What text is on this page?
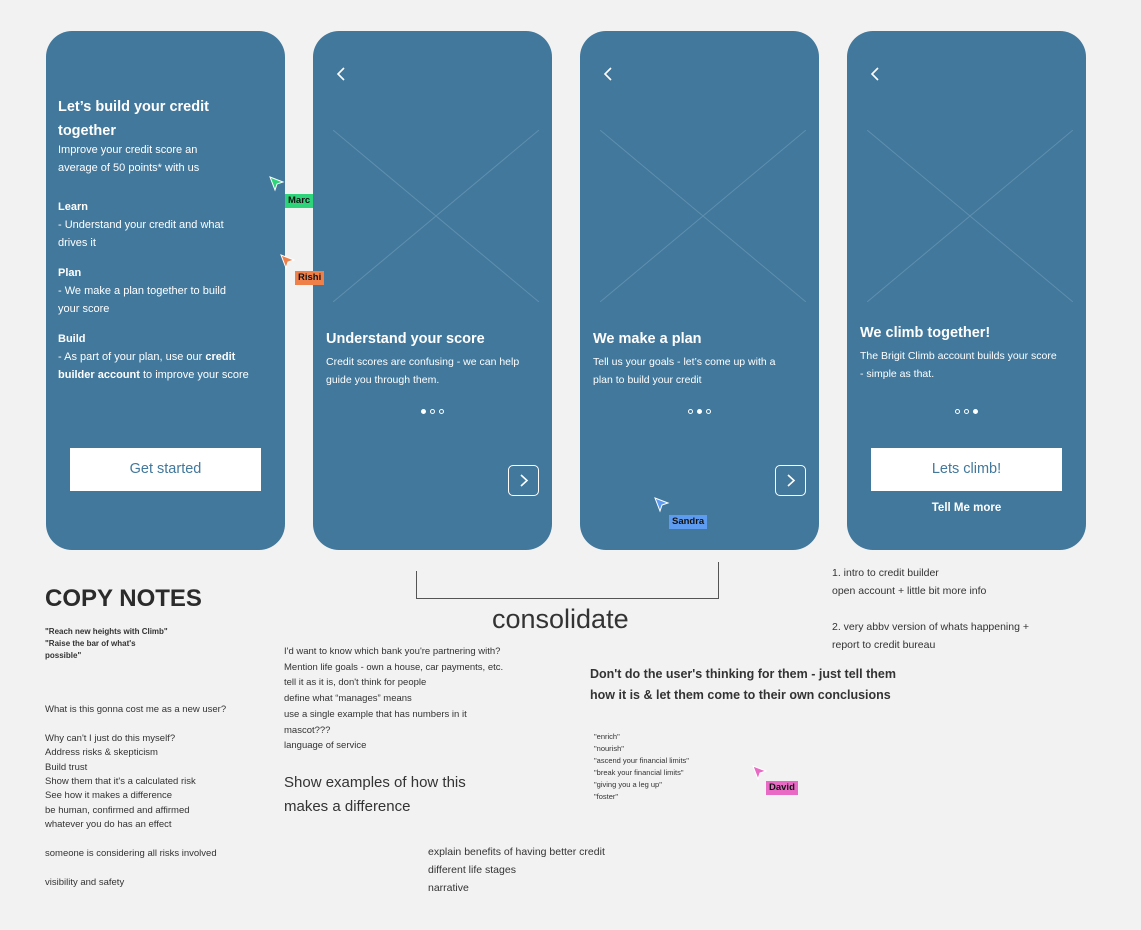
Let’s build your credit
together
Improve your credit score an
average of 50 points* with us
Learn
- Understand your credit and what
drives it
Plan
- We make a plan together to build
your score
Build
- As part of your plan, use our credit
builder account to improve your score
Get started
Understand your score
Credit scores are confusing - we can help
guide you through them.
We make a plan
Tell us your goals - let’s come up with a
plan to build your credit
We climb together!
The Brigit Climb account builds your score
- simple as that.
Lets climb!
Tell Me more
Marc
Rishi
Sandra
David
consolidate
1. intro to credit builder
open account + little bit more info

2. very abbv version of whats happening +
report to credit bureau
COPY NOTES
"Reach new heights with Climb"
"Raise the bar of what's
possible"
What is this gonna cost me as a new user?

Why can't I just do this myself?
Address risks & skepticism
Build trust
Show them that it's a calculated risk
See how it makes a difference
be human, confirmed and affirmed
whatever you do has an effect

someone is considering all risks involved

visibility and safety
I'd want to know which bank you're partnering with?
Mention life goals - own a house, car payments, etc.
tell it as it is, don't think for people
define what “manages” means
use a single example that has numbers in it
mascot???
language of service
Show examples of how this
makes a difference
explain benefits of having better credit
different life stages
narrative
Don't do the user's thinking for them - just tell them
how it is & let them come to their own conclusions
"enrich"
"nourish"
"ascend your financial limits"
"break your financial limits"
"giving you a leg up"
"foster"
